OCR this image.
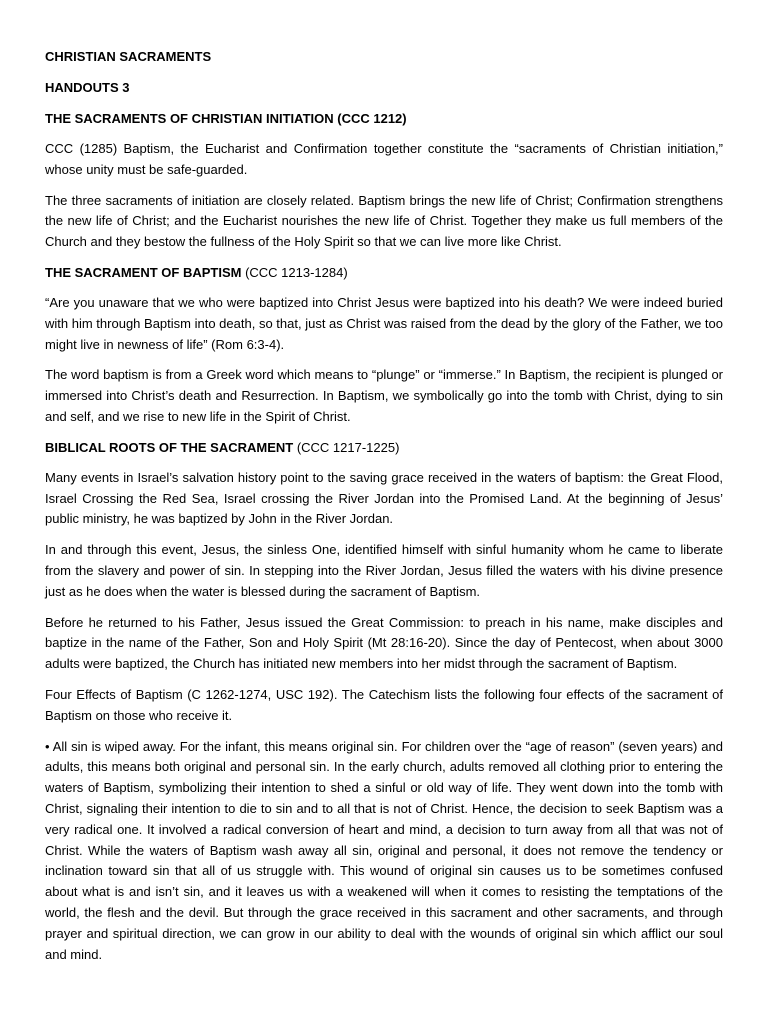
CHRISTIAN SACRAMENTS

HANDOUTS 3

THE SACRAMENTS OF CHRISTIAN INITIATION (CCC 1212)

CCC (1285) Baptism, the Eucharist and Confirmation together constitute the “sacraments of Christian initiation,” whose unity must be safe-guarded.

The three sacraments of initiation are closely related. Baptism brings the new life of Christ; Confirmation strengthens the new life of Christ; and the Eucharist nourishes the new life of Christ. Together they make us full members of the Church and they bestow the fullness of the Holy Spirit so that we can live more like Christ.

THE SACRAMENT OF BAPTISM (CCC 1213-1284)

“Are you unaware that we who were baptized into Christ Jesus were baptized into his death? We were indeed buried with him through Baptism into death, so that, just as Christ was raised from the dead by the glory of the Father, we too might live in newness of life” (Rom 6:3-4).

The word baptism is from a Greek word which means to “plunge” or “immerse.” In Baptism, the recipient is plunged or immersed into Christ’s death and Resurrection. In Baptism, we symbolically go into the tomb with Christ, dying to sin and self, and we rise to new life in the Spirit of Christ.

BIBLICAL ROOTS OF THE SACRAMENT (CCC 1217-1225)

Many events in Israel’s salvation history point to the saving grace received in the waters of baptism: the Great Flood, Israel Crossing the Red Sea, Israel crossing the River Jordan into the Promised Land. At the beginning of Jesus’ public ministry, he was baptized by John in the River Jordan.

In and through this event, Jesus, the sinless One, identified himself with sinful humanity whom he came to liberate from the slavery and power of sin. In stepping into the River Jordan, Jesus filled the waters with his divine presence just as he does when the water is blessed during the sacrament of Baptism.

Before he returned to his Father, Jesus issued the Great Commission: to preach in his name, make disciples and baptize in the name of the Father, Son and Holy Spirit (Mt 28:16-20). Since the day of Pentecost, when about 3000 adults were baptized, the Church has initiated new members into her midst through the sacrament of Baptism.

Four Effects of Baptism (C 1262-1274, USC 192). The Catechism lists the following four effects of the sacrament of Baptism on those who receive it.

• All sin is wiped away. For the infant, this means original sin. For children over the “age of reason” (seven years) and adults, this means both original and personal sin. In the early church, adults removed all clothing prior to entering the waters of Baptism, symbolizing their intention to shed a sinful or old way of life. They went down into the tomb with Christ, signaling their intention to die to sin and to all that is not of Christ. Hence, the decision to seek Baptism was a very radical one. It involved a radical conversion of heart and mind, a decision to turn away from all that was not of Christ. While the waters of Baptism wash away all sin, original and personal, it does not remove the tendency or inclination toward sin that all of us struggle with. This wound of original sin causes us to be sometimes confused about what is and isn’t sin, and it leaves us with a weakened will when it comes to resisting the temptations of the world, the flesh and the devil. But through the grace received in this sacrament and other sacraments, and through prayer and spiritual direction, we can grow in our ability to deal with the wounds of original sin which afflict our soul and mind.
